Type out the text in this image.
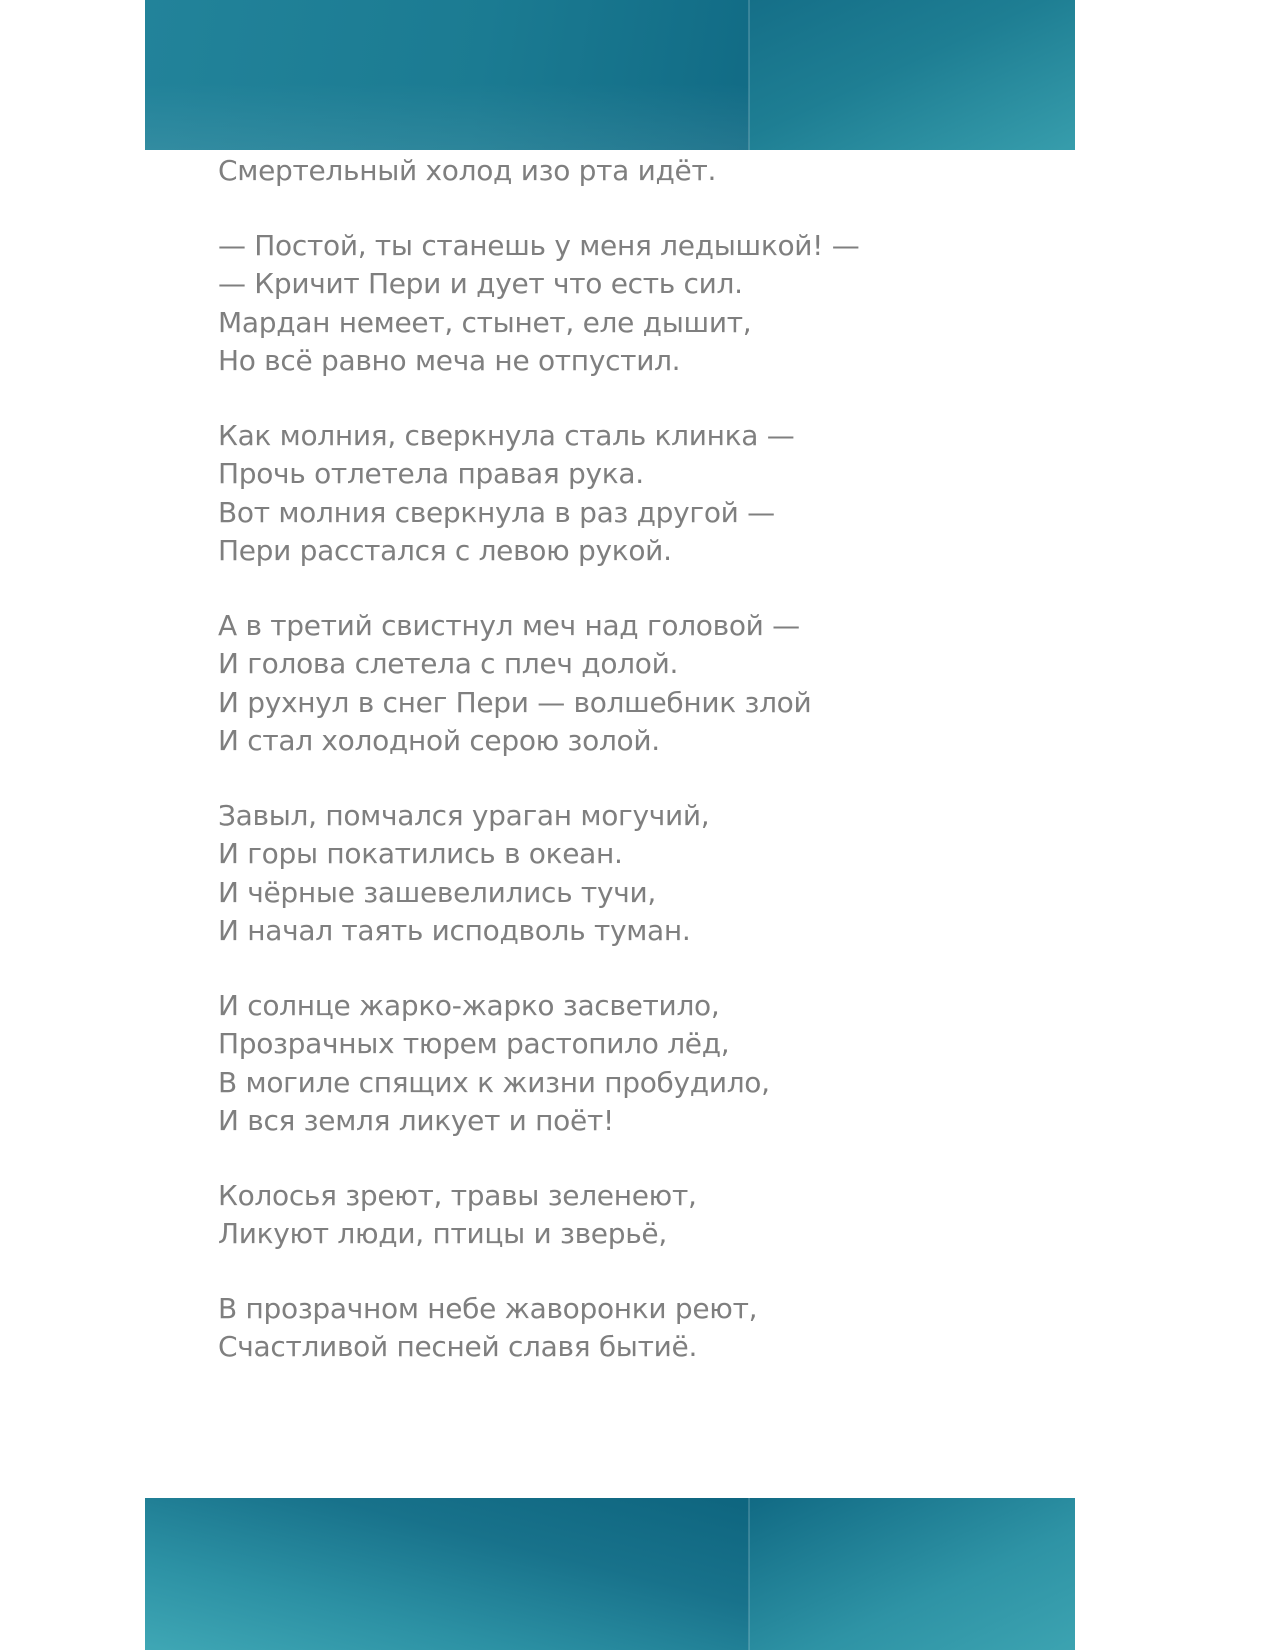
Смертельный холод изо рта идёт.

— Постой, ты станешь у меня ледышкой! —
— Кричит Пери и дует что есть сил.
Мардан немеет, стынет, еле дышит,
Но всё равно меча не отпустил.

Как молния, сверкнула сталь клинка —
Прочь отлетела правая рука.
Вот молния сверкнула в раз другой —
Пери расстался с левою рукой.

А в третий свистнул меч над головой —
И голова слетела с плеч долой.
И рухнул в снег Пери — волшебник злой
И стал холодной серою золой.

Завыл, помчался ураган могучий,
И горы покатились в океан.
И чёрные зашевелились тучи,
И начал таять исподволь туман.

И солнце жарко-жарко засветило,
Прозрачных тюрем растопило лёд,
В могиле спящих к жизни пробудило,
И вся земля ликует и поёт!

Колосья зреют, травы зеленеют,
Ликуют люди, птицы и зверьё,

В прозрачном небе жаворонки реют,
Счастливой песней славя бытиё.
